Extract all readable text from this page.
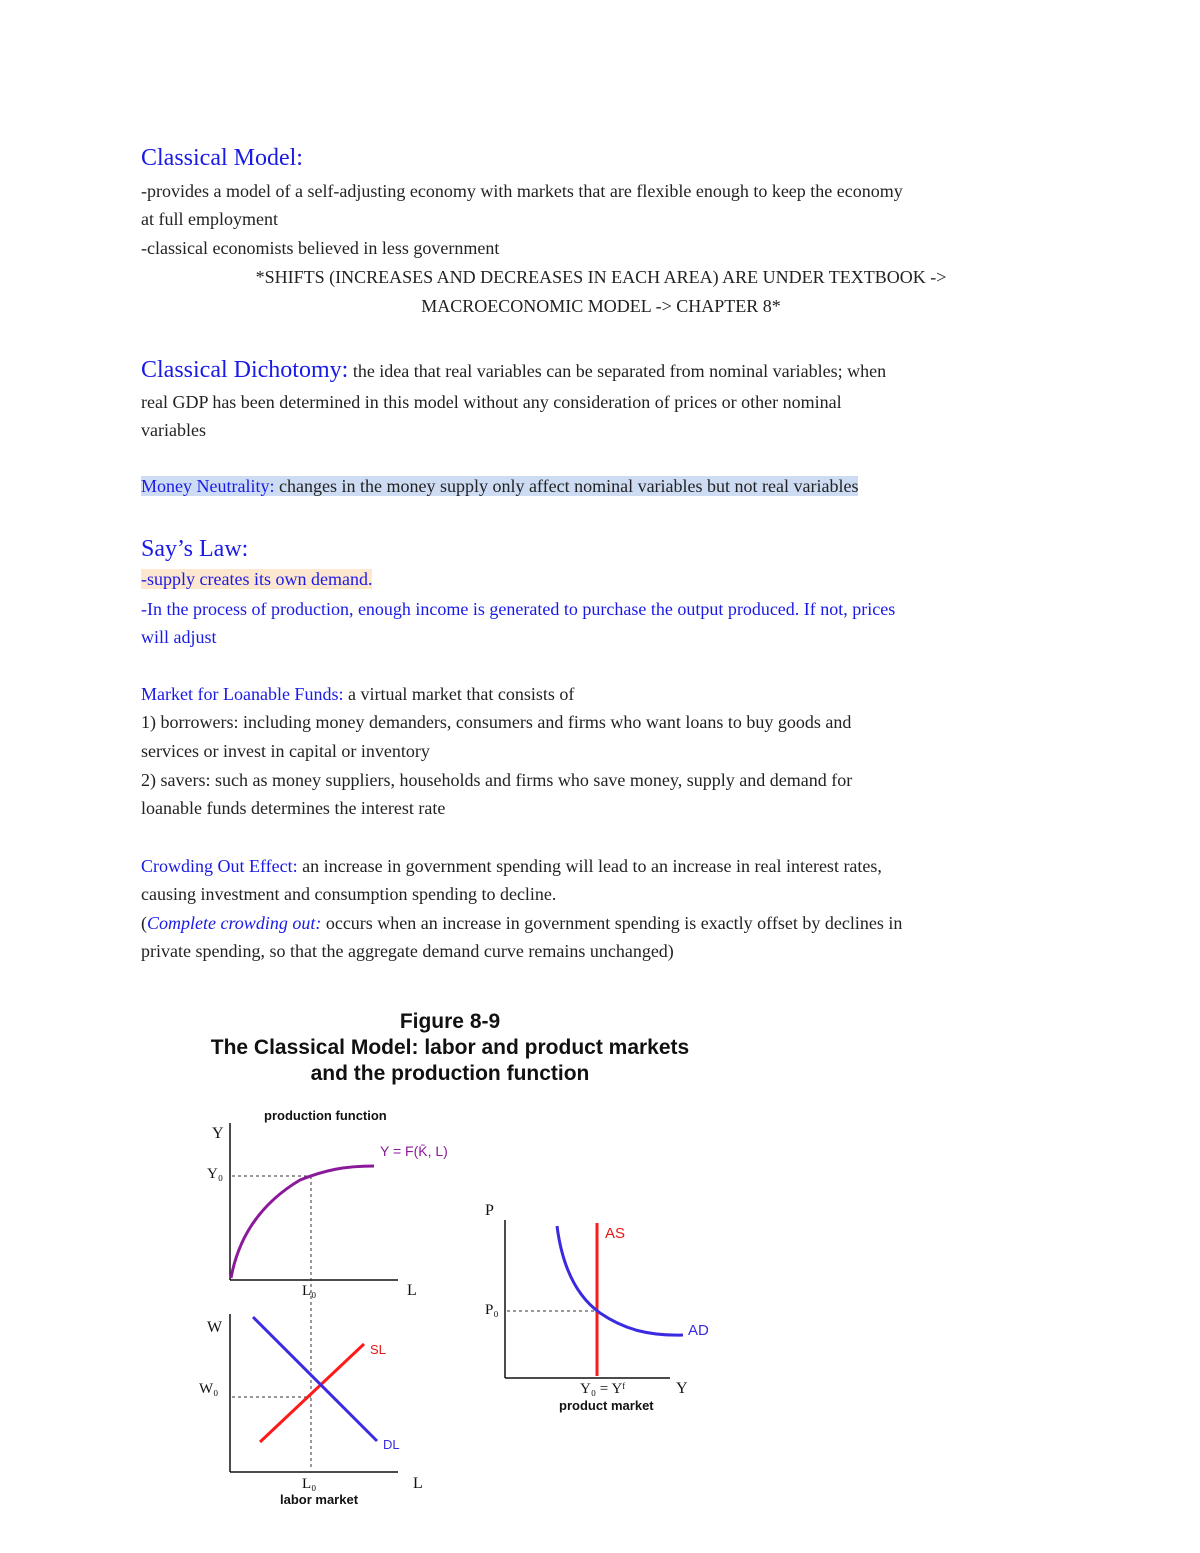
Classical Model:
-provides a model of a self-adjusting economy with markets that are flexible enough to keep the economy
at full employment
-classical economists believed in less government
*SHIFTS (INCREASES AND DECREASES IN EACH AREA) ARE UNDER TEXTBOOK ->
MACROECONOMIC MODEL -> CHAPTER 8*
Classical Dichotomy: the idea that real variables can be separated from nominal variables; when
real GDP has been determined in this model without any consideration of prices or other nominal
variables
Money Neutrality: changes in the money supply only affect nominal variables but not real variables
Say’s Law:
-supply creates its own demand.
-In the process of production, enough income is generated to purchase the output produced. If not, prices
will adjust
Market for Loanable Funds: a virtual market that consists of
1) borrowers: including money demanders, consumers and firms who want loans to buy goods and
services or invest in capital or inventory
2) savers: such as money suppliers, households and firms who save money, supply and demand for
loanable funds determines the interest rate
Crowding Out Effect: an increase in government spending will lead to an increase in real interest rates,
causing investment and consumption spending to decline.
(Complete crowding out: occurs when an increase in government spending is exactly offset by declines in
private spending, so that the aggregate demand curve remains unchanged)
Figure 8-9
The Classical Model: labor and product markets
and the production function
production function
Y
L
Y₀
L₀
Y = F(K̄, L)
W
L
W₀
L₀
SL
DL
labor market
P
Y
P₀
AS
AD
Y₀ = Yᶠ
product market
